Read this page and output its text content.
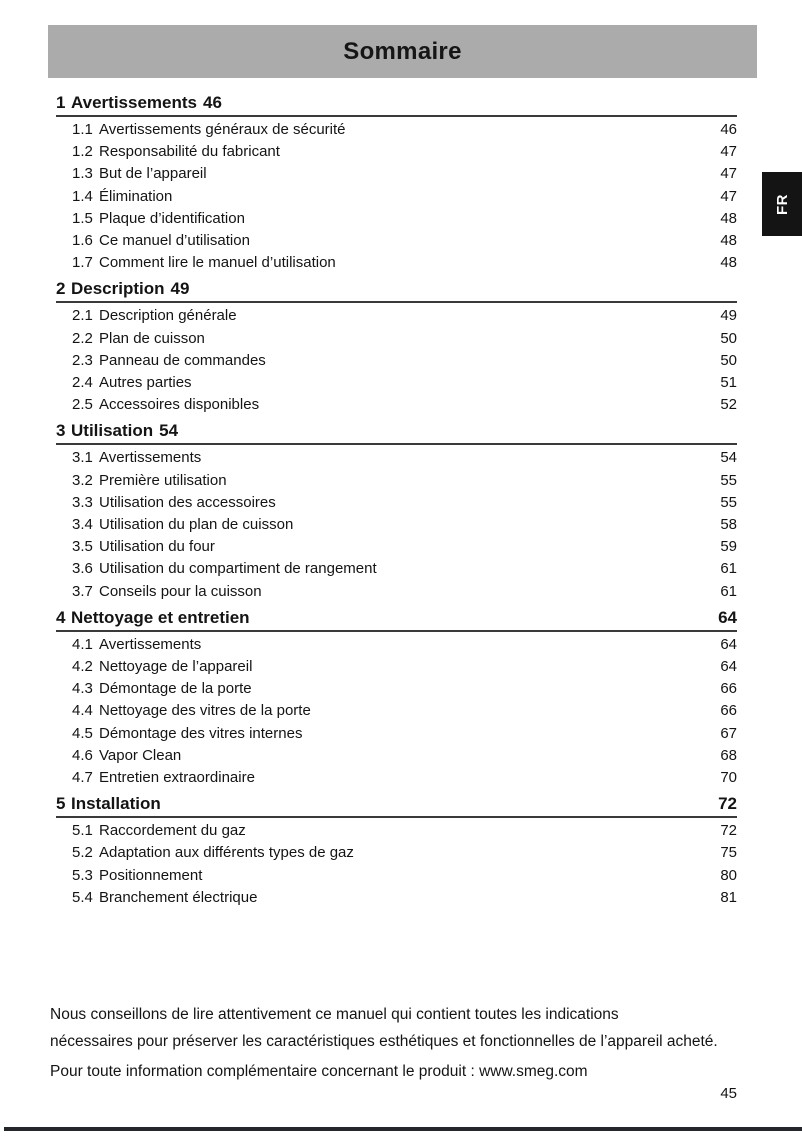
Sommaire
FR
1 Avertissements 46
1.1 Avertissements généraux de sécurité	46
1.2 Responsabilité du fabricant	47
1.3 But de l’appareil	47
1.4 Élimination	47
1.5 Plaque d’identification	48
1.6 Ce manuel d’utilisation	48
1.7 Comment lire le manuel d’utilisation	48
2 Description 49
2.1 Description générale	49
2.2 Plan de cuisson	50
2.3 Panneau de commandes	50
2.4 Autres parties	51
2.5 Accessoires disponibles	52
3 Utilisation 54
3.1 Avertissements	54
3.2 Première utilisation	55
3.3 Utilisation des accessoires	55
3.4 Utilisation du plan de cuisson	58
3.5 Utilisation du four	59
3.6 Utilisation du compartiment de rangement	61
3.7 Conseils pour la cuisson	61
4 Nettoyage et entretien	64
4.1 Avertissements	64
4.2 Nettoyage de l’appareil	64
4.3 Démontage de la porte	66
4.4 Nettoyage des vitres de la porte	66
4.5 Démontage des vitres internes	67
4.6 Vapor Clean	68
4.7 Entretien extraordinaire	70
5 Installation	72
5.1 Raccordement du gaz	72
5.2 Adaptation aux différents types de gaz	75
5.3 Positionnement	80
5.4 Branchement électrique	81
Nous conseillons de lire attentivement ce manuel qui contient toutes les indications
nécessaires pour préserver les caractéristiques esthétiques et fonctionnelles de l’appareil acheté.
Pour toute information complémentaire concernant le produit : www.smeg.com
45
